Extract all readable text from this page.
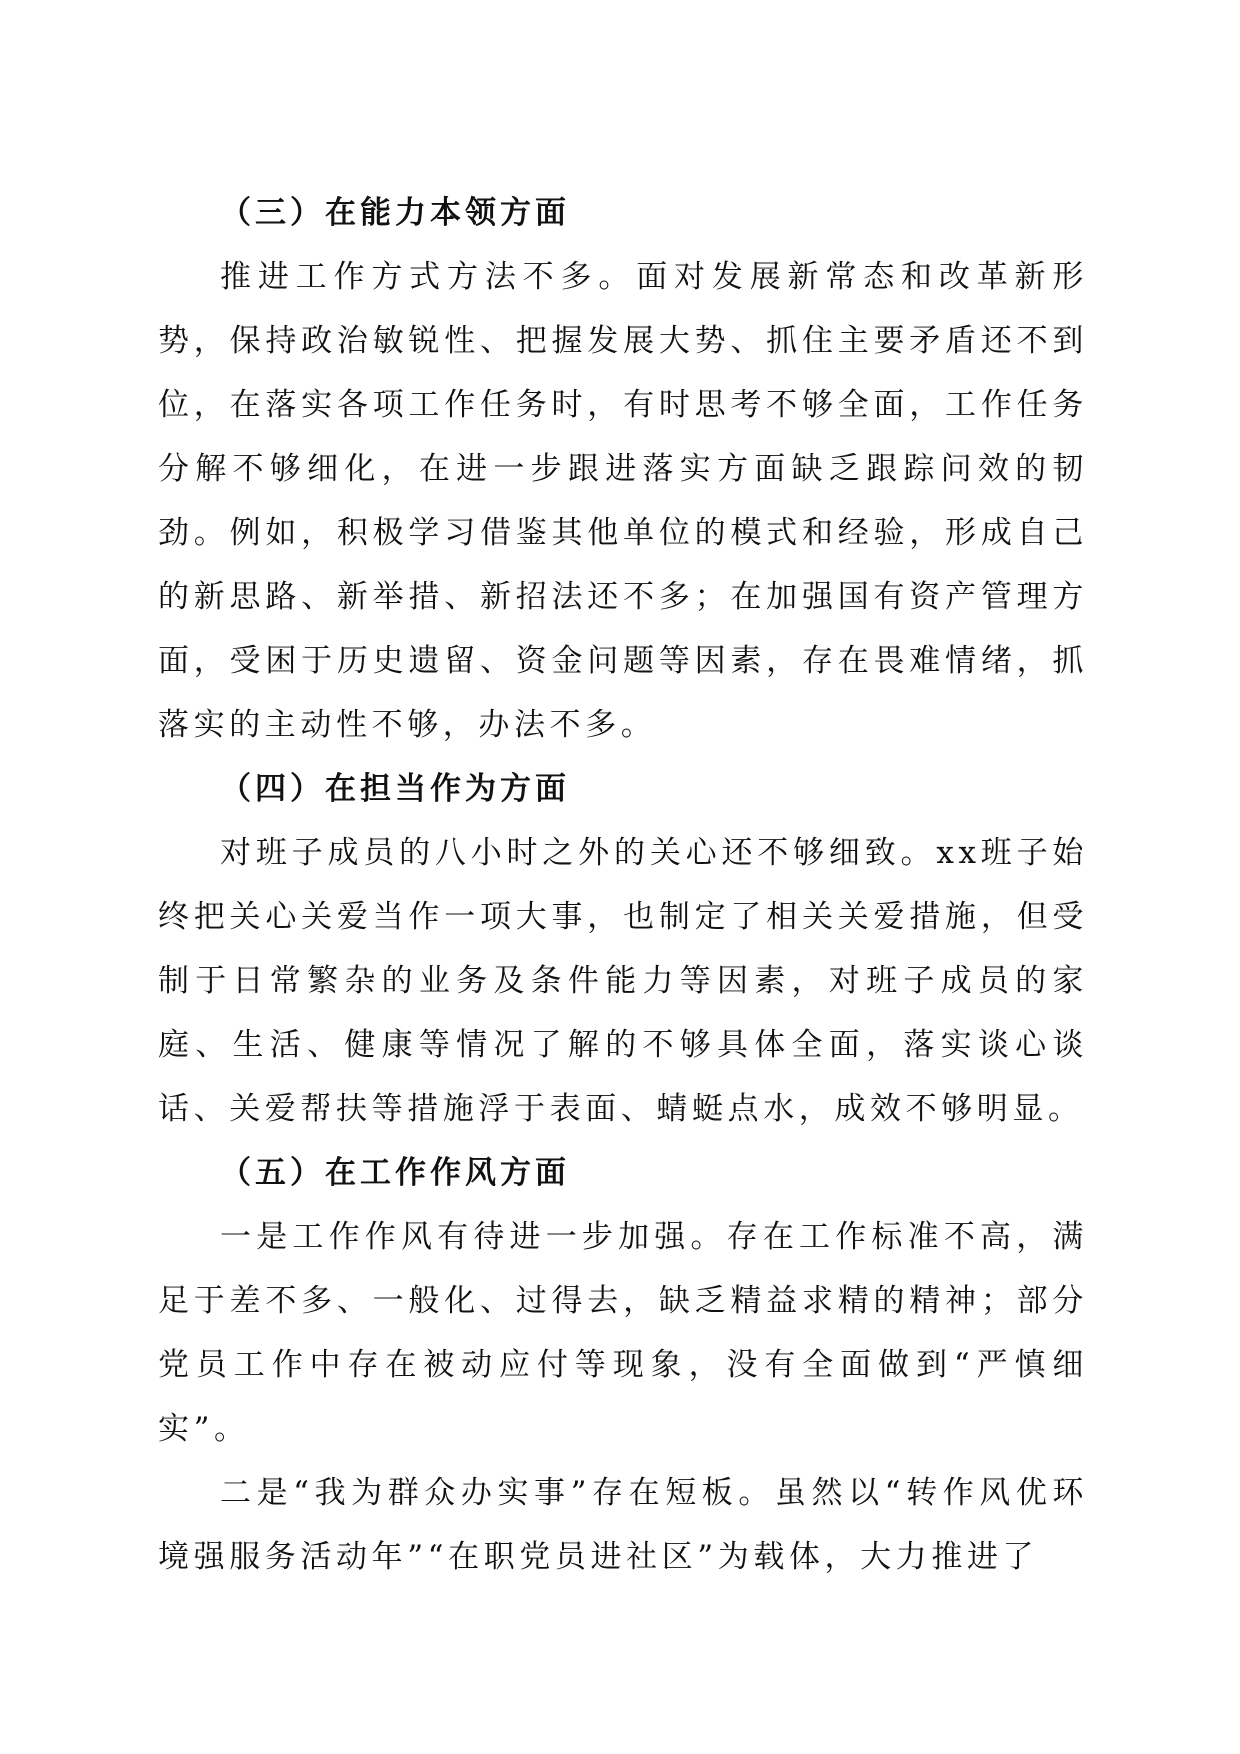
（三）在能力本领方面

推进工作方式方法不多。面对发展新常态和改革新形势，保持政治敏锐性、把握发展大势、抓住主要矛盾还不到位，在落实各项工作任务时，有时思考不够全面，工作任务分解不够细化，在进一步跟进落实方面缺乏跟踪问效的韧劲。例如，积极学习借鉴其他单位的模式和经验，形成自己的新思路、新举措、新招法还不多；在加强国有资产管理方面，受困于历史遗留、资金问题等因素，存在畏难情绪，抓落实的主动性不够，办法不多。

（四）在担当作为方面

对班子成员的八小时之外的关心还不够细致。xx班子始终把关心关爱当作一项大事，也制定了相关关爱措施，但受制于日常繁杂的业务及条件能力等因素，对班子成员的家庭、生活、健康等情况了解的不够具体全面，落实谈心谈话、关爱帮扶等措施浮于表面、蜻蜓点水，成效不够明显。

（五）在工作作风方面

一是工作作风有待进一步加强。存在工作标准不高，满足于差不多、一般化、过得去，缺乏精益求精的精神；部分党员工作中存在被动应付等现象，没有全面做到“严慎细实”。

二是“我为群众办实事”存在短板。虽然以“转作风优环境强服务活动年”“在职党员进社区”为载体，大力推进了
